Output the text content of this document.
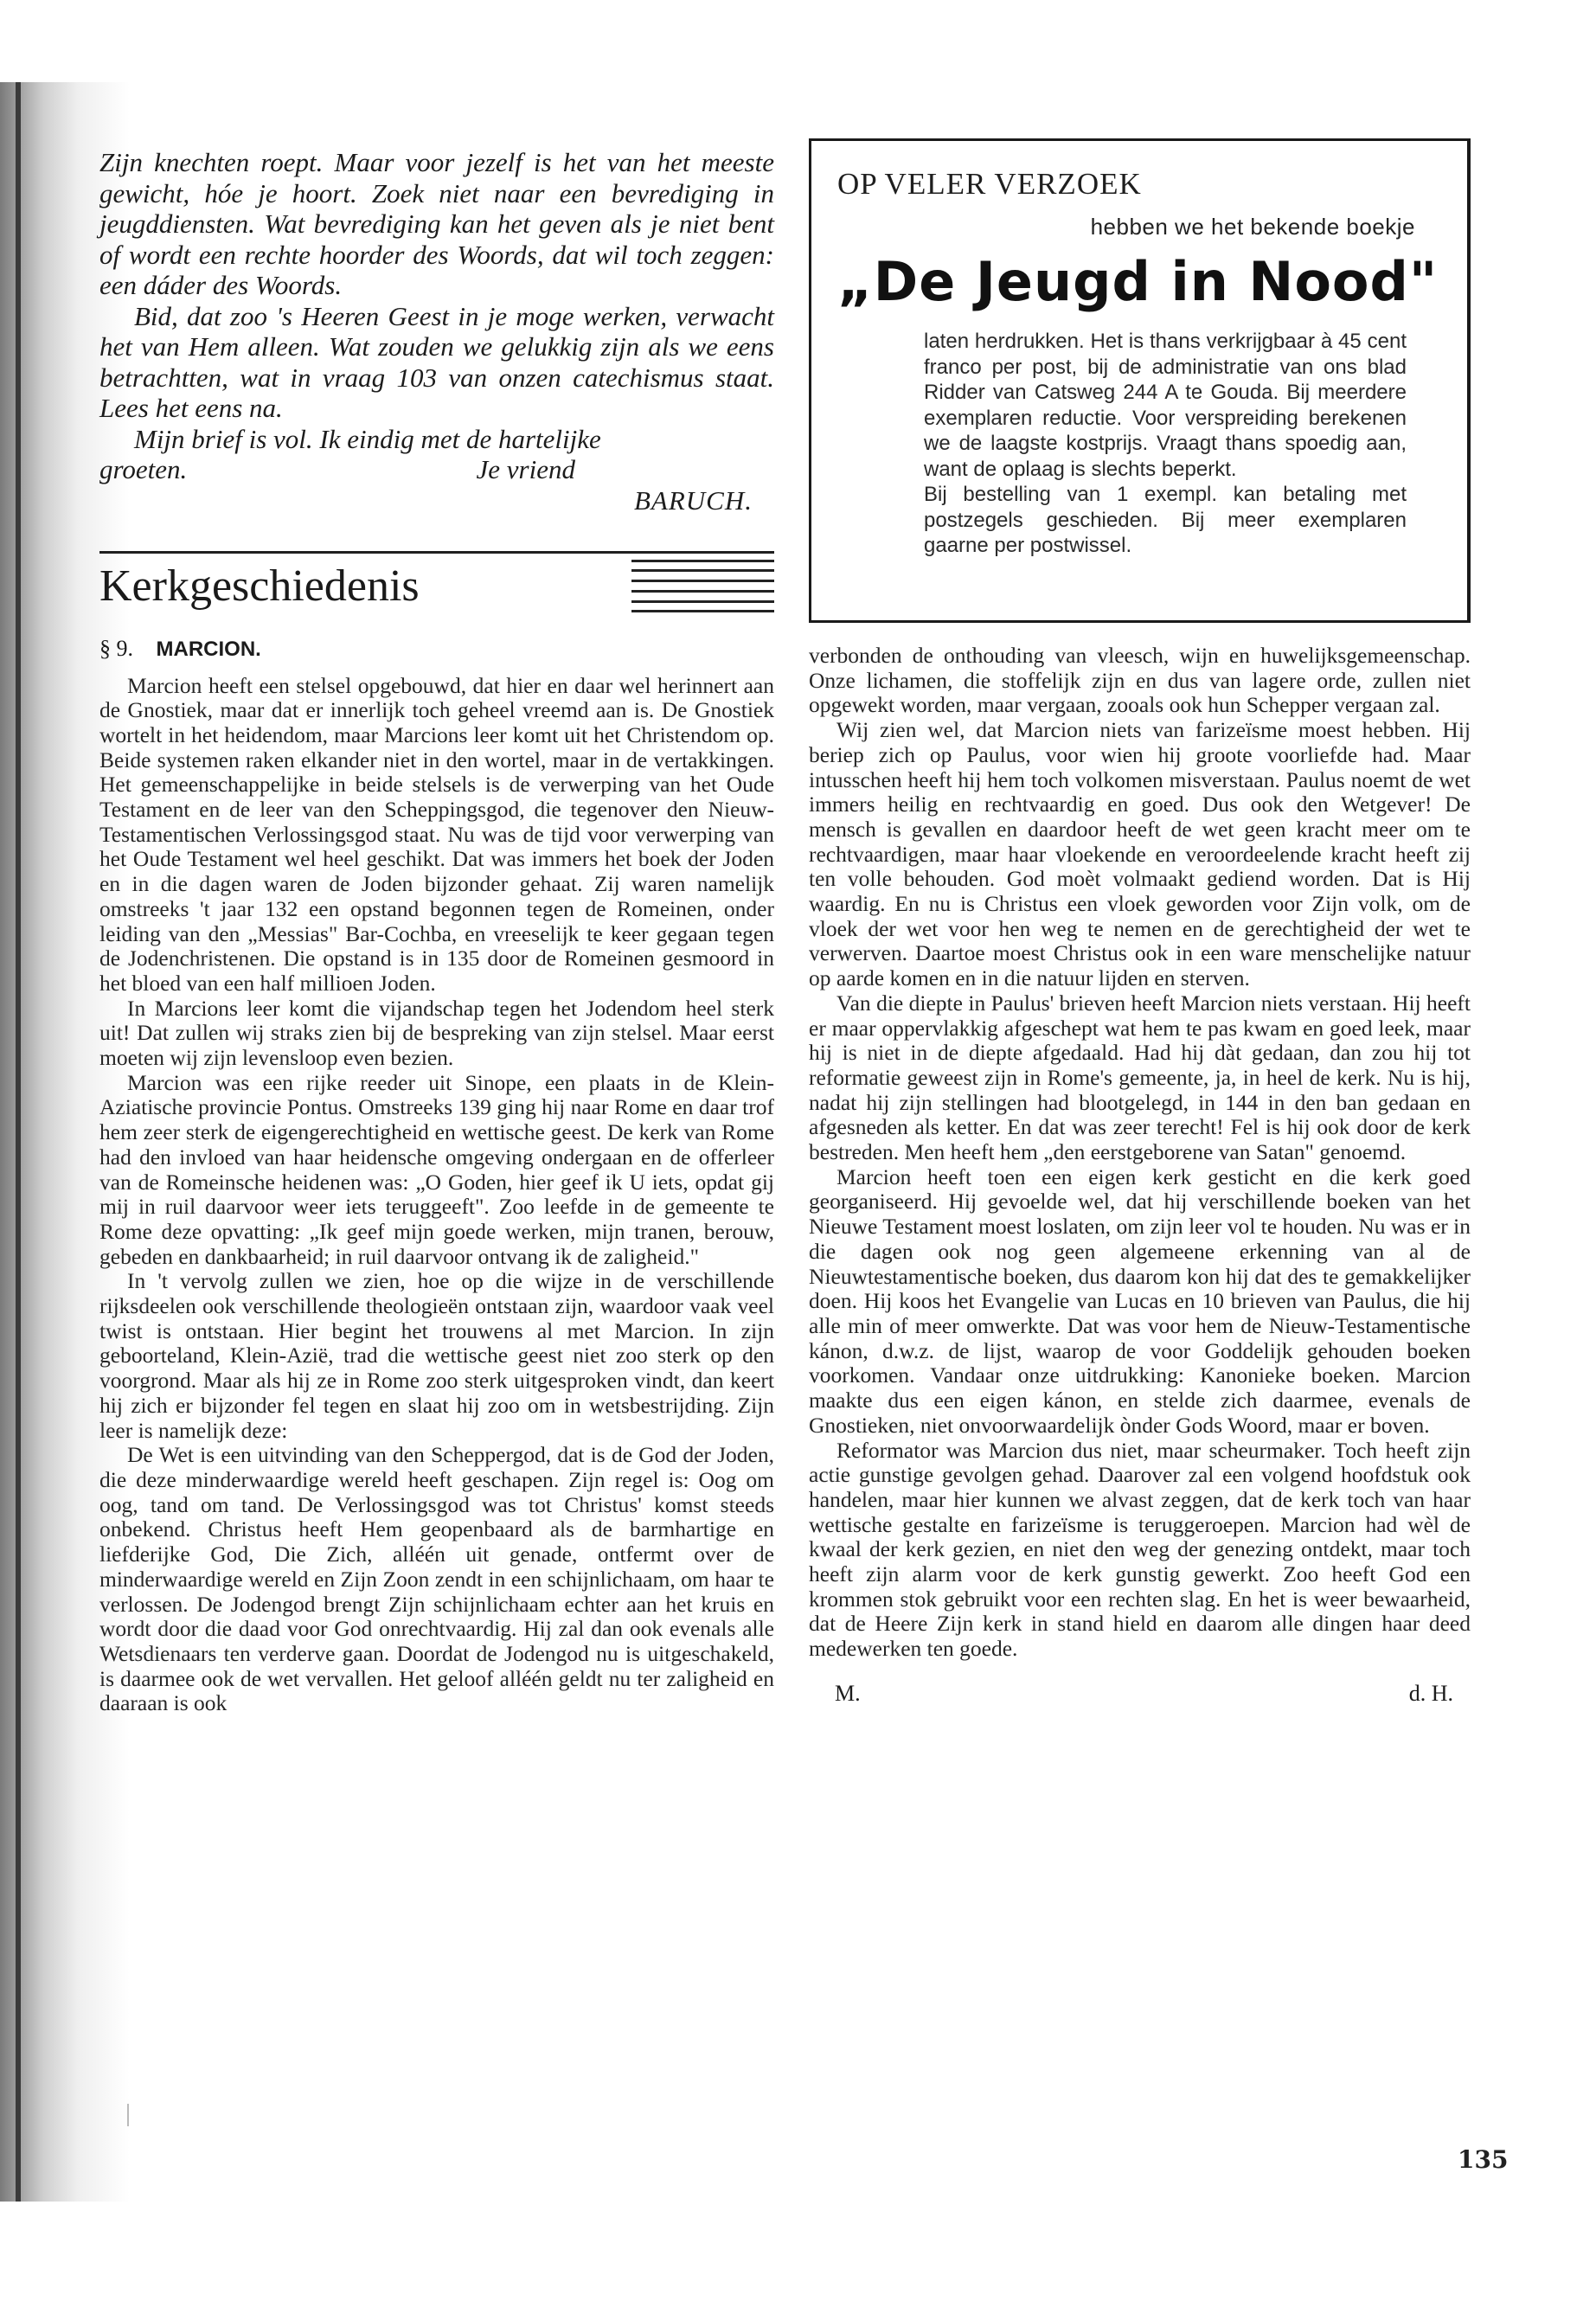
Zijn knechten roept. Maar voor jezelf is het van het meeste gewicht, hóe je hoort. Zoek niet naar een bevrediging in jeugddiensten. Wat bevrediging kan het geven als je niet bent of wordt een rechte hoorder des Woords, dat wil toch zeggen: een dáder des Woords.

Bid, dat zoo 's Heeren Geest in je moge werken, verwacht het van Hem alleen. Wat zouden we gelukkig zijn als we eens betrachtten, wat in vraag 103 van onzen catechismus staat. Lees het eens na.

Mijn brief is vol. Ik eindig met de hartelijke

groeten.	Je vriend
BARUCH.
Kerkgeschiedenis
§ 9. MARCION.

Marcion heeft een stelsel opgebouwd, dat hier en daar wel herinnert aan de Gnostiek, maar dat er innerlijk toch geheel vreemd aan is. De Gnostiek wortelt in het heidendom, maar Marcions leer komt uit het Christendom op. Beide systemen raken elkander niet in den wortel, maar in de vertakkingen. Het gemeenschappelijke in beide stelsels is de verwerping van het Oude Testament en de leer van den Scheppingsgod, die tegenover den Nieuw-Testamentischen Verlossingsgod staat. Nu was de tijd voor verwerping van het Oude Testament wel heel geschikt. Dat was immers het boek der Joden en in die dagen waren de Joden bijzonder gehaat. Zij waren namelijk omstreeks 't jaar 132 een opstand begonnen tegen de Romeinen, onder leiding van den „Messias" Bar-Cochba, en vreeselijk te keer gegaan tegen de Jodenchristenen. Die opstand is in 135 door de Romeinen gesmoord in het bloed van een half millioen Joden.

In Marcions leer komt die vijandschap tegen het Jodendom heel sterk uit! Dat zullen wij straks zien bij de bespreking van zijn stelsel. Maar eerst moeten wij zijn levensloop even bezien.

Marcion was een rijke reeder uit Sinope, een plaats in de Klein-Aziatische provincie Pontus. Omstreeks 139 ging hij naar Rome en daar trof hem zeer sterk de eigengerechtigheid en wettische geest. De kerk van Rome had den invloed van haar heidensche omgeving ondergaan en de offerleer van de Romeinsche heidenen was: „O Goden, hier geef ik U iets, opdat gij mij in ruil daarvoor weer iets teruggeeft". Zoo leefde in de gemeente te Rome deze opvatting: „Ik geef mijn goede werken, mijn tranen, berouw, gebeden en dankbaarheid; in ruil daarvoor ontvang ik de zaligheid."

In 't vervolg zullen we zien, hoe op die wijze in de verschillende rijksdeelen ook verschillende theologieën ontstaan zijn, waardoor vaak veel twist is ontstaan. Hier begint het trouwens al met Marcion. In zijn geboorteland, Klein-Azië, trad die wettische geest niet zoo sterk op den voorgrond. Maar als hij ze in Rome zoo sterk uitgesproken vindt, dan keert hij zich er bijzonder fel tegen en slaat hij zoo om in wetsbestrijding. Zijn leer is namelijk deze:

De Wet is een uitvinding van den Scheppergod, dat is de God der Joden, die deze minderwaardige wereld heeft geschapen. Zijn regel is: Oog om oog, tand om tand. De Verlossingsgod was tot Christus' komst steeds onbekend. Christus heeft Hem geopenbaard als de barmhartige en liefderijke God, Die Zich, alléén uit genade, ontfermt over de minderwaardige wereld en Zijn Zoon zendt in een schijnlichaam, om haar te verlossen. De Jodengod brengt Zijn schijnlichaam echter aan het kruis en wordt door die daad voor God onrechtvaardig. Hij zal dan ook evenals alle Wetsdienaars ten verderve gaan. Doordat de Jodengod nu is uitgeschakeld, is daarmee ook de wet vervallen. Het geloof alléén geldt nu ter zaligheid en daaraan is ook

OP VELER VERZOEK
hebben we het bekende boekje
„De Jeugd in Nood"

laten herdrukken. Het is thans verkrijgbaar à 45 cent franco per post, bij de administratie van ons blad Ridder van Catsweg 244 A te Gouda. Bij meerdere exemplaren reductie. Voor verspreiding berekenen we de laagste kostprijs. Vraagt thans spoedig aan, want de oplaag is slechts beperkt.

Bij bestelling van 1 exempl. kan betaling met postzegels geschieden. Bij meer exemplaren gaarne per postwissel.

verbonden de onthouding van vleesch, wijn en huwelijksgemeenschap. Onze lichamen, die stoffelijk zijn en dus van lagere orde, zullen niet opgewekt worden, maar vergaan, zooals ook hun Schepper vergaan zal.

Wij zien wel, dat Marcion niets van farizeïsme moest hebben. Hij beriep zich op Paulus, voor wien hij groote voorliefde had. Maar intusschen heeft hij hem toch volkomen misverstaan. Paulus noemt de wet immers heilig en rechtvaardig en goed. Dus ook den Wetgever! De mensch is gevallen en daardoor heeft de wet geen kracht meer om te rechtvaardigen, maar haar vloekende en veroordeelende kracht heeft zij ten volle behouden. God moèt volmaakt gediend worden. Dat is Hij waardig. En nu is Christus een vloek geworden voor Zijn volk, om de vloek der wet voor hen weg te nemen en de gerechtigheid der wet te verwerven. Daartoe moest Christus ook in een ware menschelijke natuur op aarde komen en in die natuur lijden en sterven.

Van die diepte in Paulus' brieven heeft Marcion niets verstaan. Hij heeft er maar oppervlakkig afgeschept wat hem te pas kwam en goed leek, maar hij is niet in de diepte afgedaald. Had hij dàt gedaan, dan zou hij tot reformatie geweest zijn in Rome's gemeente, ja, in heel de kerk. Nu is hij, nadat hij zijn stellingen had blootgelegd, in 144 in den ban gedaan en afgesneden als ketter. En dat was zeer terecht! Fel is hij ook door de kerk bestreden. Men heeft hem „den eerstgeborene van Satan" genoemd.

Marcion heeft toen een eigen kerk gesticht en die kerk goed georganiseerd. Hij gevoelde wel, dat hij verschillende boeken van het Nieuwe Testament moest loslaten, om zijn leer vol te houden. Nu was er in die dagen ook nog geen algemeene erkenning van al de Nieuwtestamentische boeken, dus daarom kon hij dat des te gemakkelijker doen. Hij koos het Evangelie van Lucas en 10 brieven van Paulus, die hij alle min of meer omwerkte. Dat was voor hem de Nieuw-Testamentische kánon, d.w.z. de lijst, waarop de voor Goddelijk gehouden boeken voorkomen. Vandaar onze uitdrukking: Kanonieke boeken. Marcion maakte dus een eigen kánon, en stelde zich daarmee, evenals de Gnostieken, niet onvoorwaardelijk ònder Gods Woord, maar er boven.

Reformator was Marcion dus niet, maar scheurmaker. Toch heeft zijn actie gunstige gevolgen gehad. Daarover zal een volgend hoofdstuk ook handelen, maar hier kunnen we alvast zeggen, dat de kerk toch van haar wettische gestalte en farizeïsme is teruggeroepen. Marcion had wèl de kwaal der kerk gezien, en niet den weg der genezing ontdekt, maar toch heeft zijn alarm voor de kerk gunstig gewerkt. Zoo heeft God een krommen stok gebruikt voor een rechten slag. En het is weer bewaarheid, dat de Heere Zijn kerk in stand hield en daarom alle dingen haar deed medewerken ten goede.

M.	d. H.
135
